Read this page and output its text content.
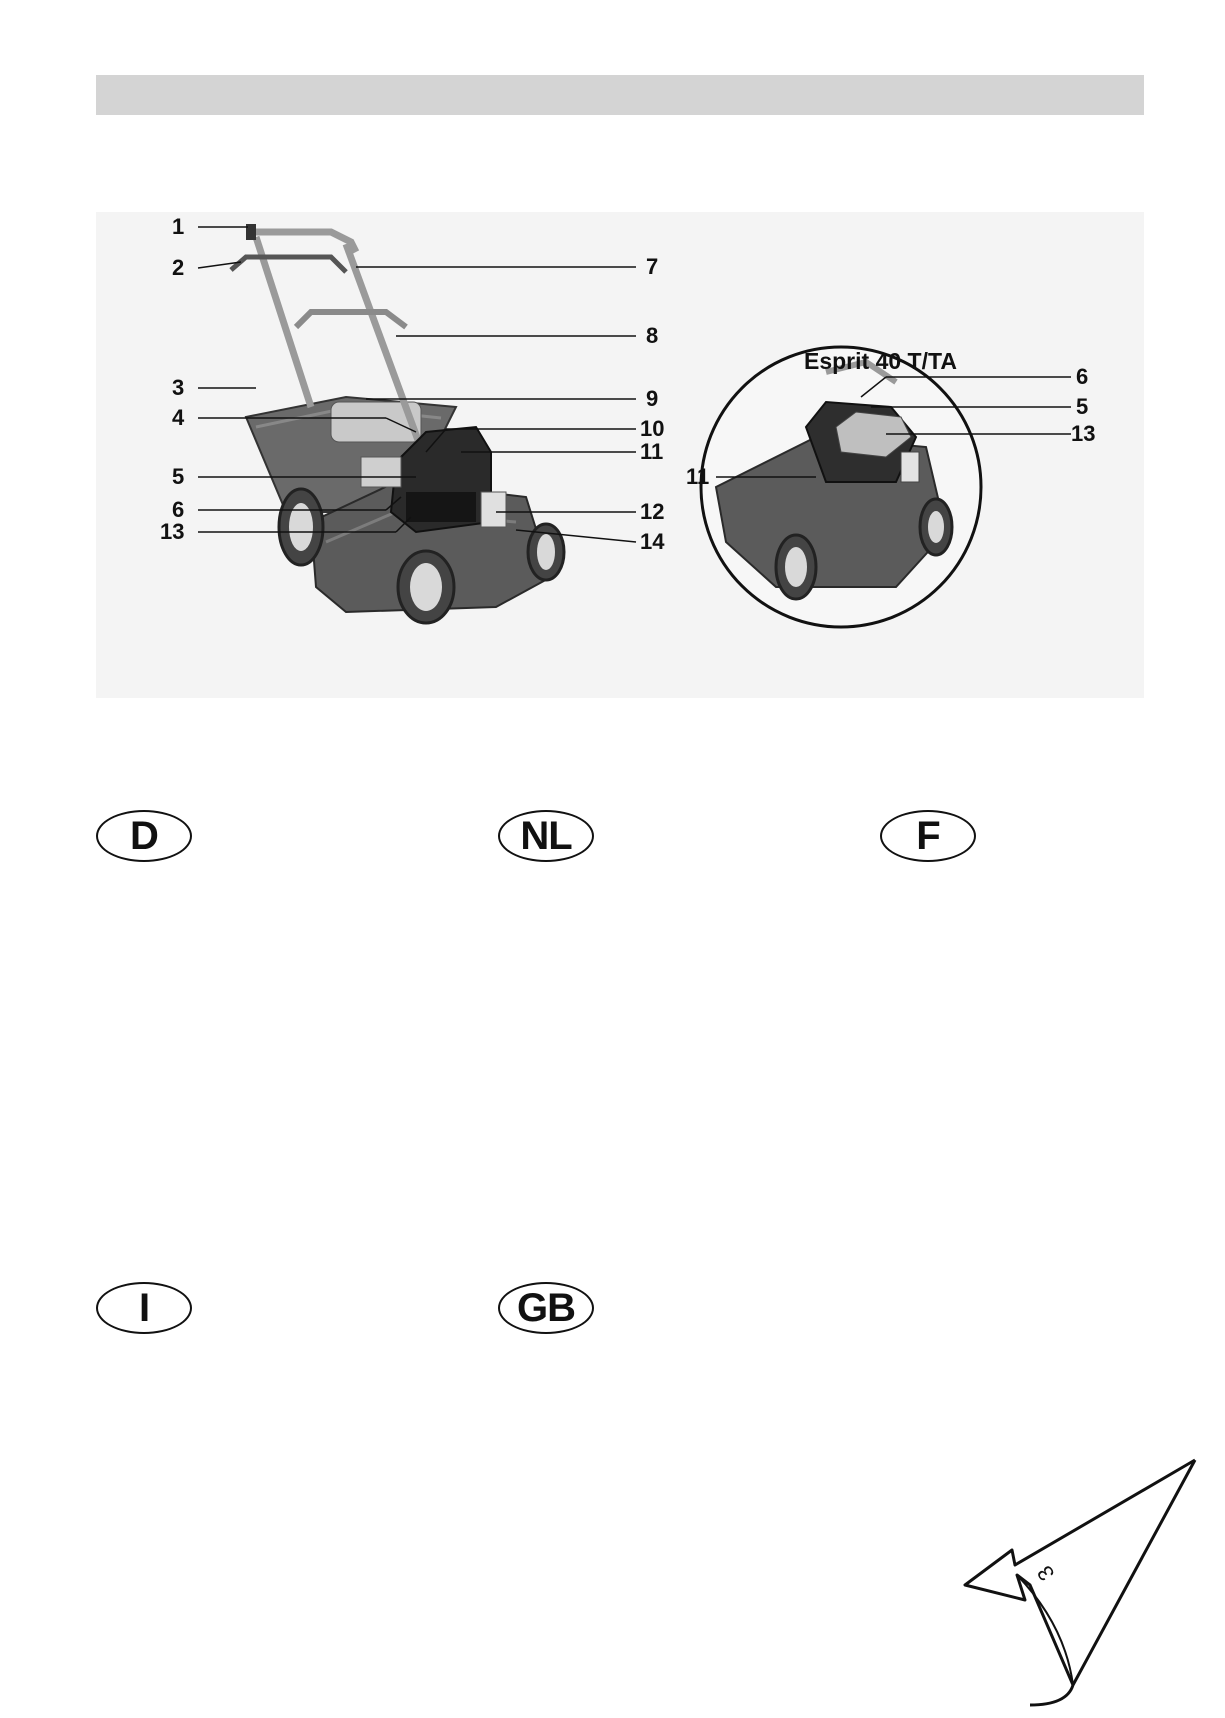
1
2
3
4
5
6
13
7
8
9
10
11
12
14
Esprit 40 T/TA
6
5
13
11
D	NL	F
I	GB
3
